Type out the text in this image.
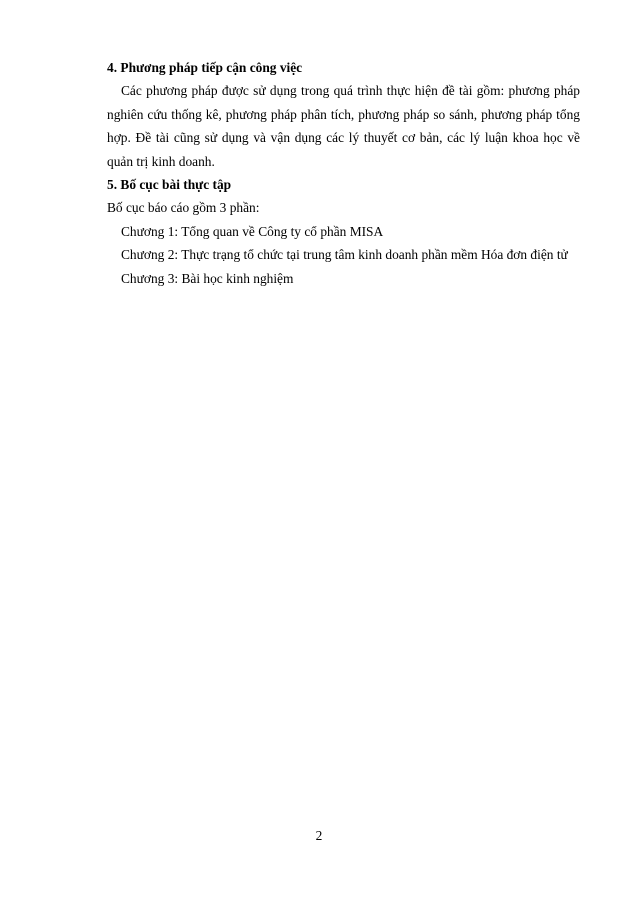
4. Phương pháp tiếp cận công việc

Các phương pháp được sử dụng trong quá trình thực hiện đề tài gồm: phương pháp nghiên cứu thống kê, phương pháp phân tích, phương pháp so sánh, phương pháp tổng hợp. Đề tài cũng sử dụng và vận dụng các lý thuyết cơ bản, các lý luận khoa học về quản trị kinh doanh.

5. Bố cục bài thực tập

Bố cục báo cáo gồm 3 phần:

Chương 1: Tổng quan về Công ty cổ phần MISA

Chương 2: Thực trạng tổ chức tại trung tâm kinh doanh phần mềm Hóa đơn điện tử

Chương 3: Bài học kinh nghiệm

2
